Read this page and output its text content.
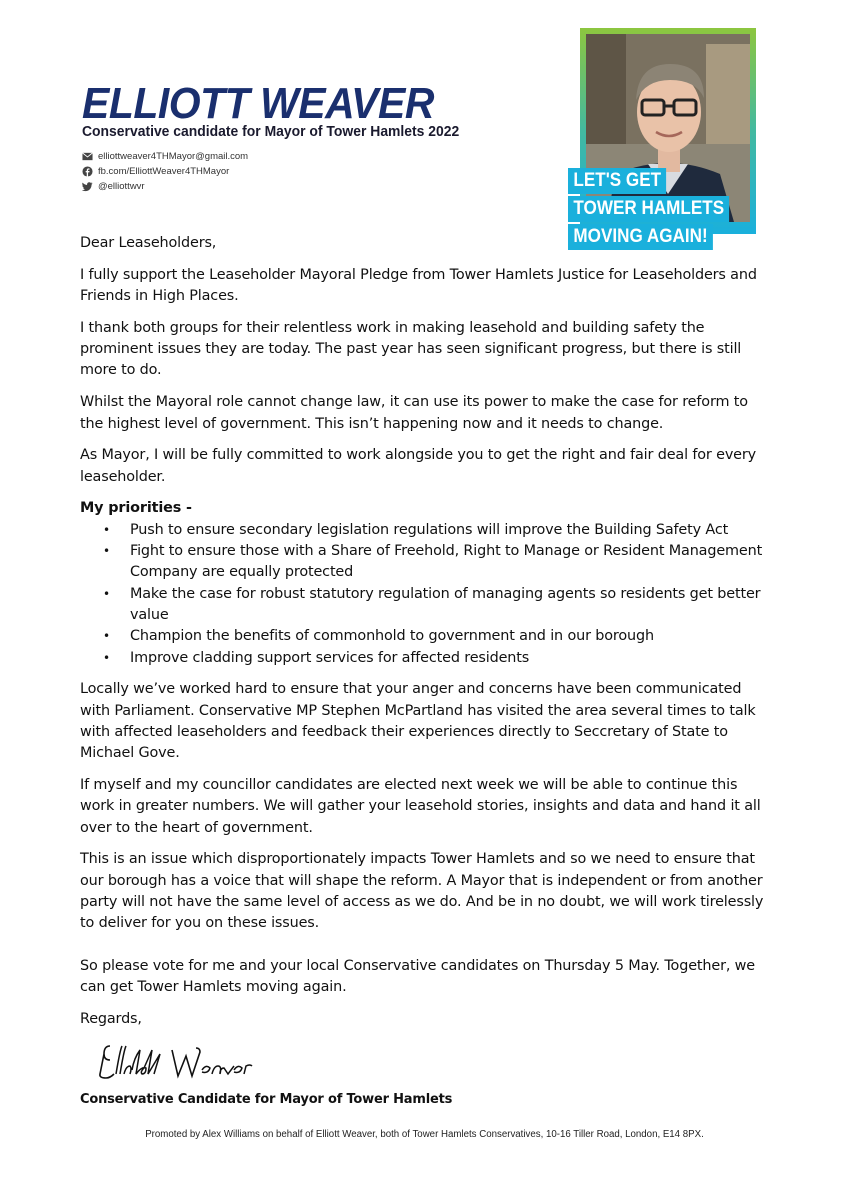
ELLIOTT WEAVER
Conservative candidate for Mayor of Tower Hamlets 2022
elliottweaver4THMayor@gmail.com
fb.com/ElliottWeaver4THMayor
@elliottwvr	LET'S GET
TOWER HAMLETS
MOVING AGAIN!

Dear Leaseholders,

I fully support the Leaseholder Mayoral Pledge from Tower Hamlets Justice for Leaseholders and Friends in High Places.

I thank both groups for their relentless work in making leasehold and building safety the prominent issues they are today. The past year has seen significant progress, but there is still more to do.

Whilst the Mayoral role cannot change law, it can use its power to make the case for reform to the highest level of government. This isn’t happening now and it needs to change.

As Mayor, I will be fully committed to work alongside you to get the right and fair deal for every leaseholder.

My priorities -

• Push to ensure secondary legislation regulations will improve the Building Safety Act
• Fight to ensure those with a Share of Freehold, Right to Manage or Resident Management Company are equally protected
• Make the case for robust statutory regulation of managing agents so residents get better value
• Champion the benefits of commonhold to government and in our borough
• Improve cladding support services for affected residents

Locally we’ve worked hard to ensure that your anger and concerns have been communicated with Parliament. Conservative MP Stephen McPartland has visited the area several times to talk with affected leaseholders and feedback their experiences directly to Seccretary of State to Michael Gove.

If myself and my councillor candidates are elected next week we will be able to continue this work in greater numbers. We will gather your leasehold stories, insights and data and hand it all over to the heart of government.

This is an issue which disproportionately impacts Tower Hamlets and so we need to ensure that our borough has a voice that will shape the reform. A Mayor that is independent or from another party will not have the same level of access as we do. And be in no doubt, we will work tirelessly to deliver for you on these issues.

So please vote for me and your local Conservative candidates on Thursday 5 May. Together, we can get Tower Hamlets moving again.

Regards,

Conservative Candidate for Mayor of Tower Hamlets
Promoted by Alex Williams on behalf of Elliott Weaver, both of Tower Hamlets Conservatives, 10-16 Tiller Road, London, E14 8PX.
